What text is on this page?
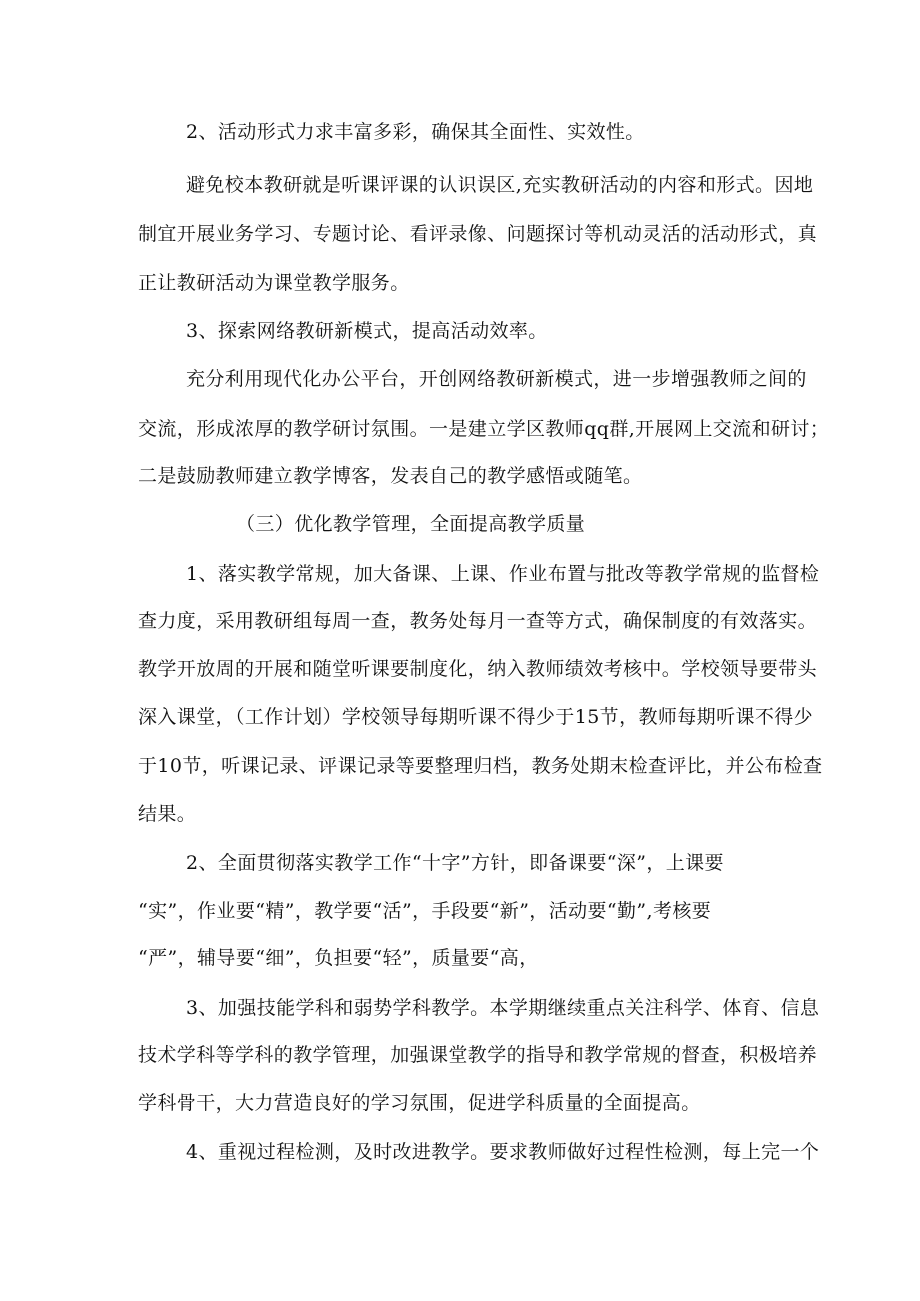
2、活动形式力求丰富多彩，确保其全面性、实效性。
避免校本教研就是听课评课的认识误区,充实教研活动的内容和形式。因地
制宜开展业务学习、专题讨论、看评录像、问题探讨等机动灵活的活动形式，真
正让教研活动为课堂教学服务。
3、探索网络教研新模式，提高活动效率。
充分利用现代化办公平台，开创网络教研新模式，进一步增强教师之间的
交流，形成浓厚的教学研讨氛围。一是建立学区教师qq群,开展网上交流和研讨；
二是鼓励教师建立教学博客，发表自己的教学感悟或随笔。
（三）优化教学管理，全面提高教学质量
1、落实教学常规，加大备课、上课、作业布置与批改等教学常规的监督检
查力度，采用教研组每周一查，教务处每月一查等方式，确保制度的有效落实。
教学开放周的开展和随堂听课要制度化，纳入教师绩效考核中。学校领导要带头
深入课堂，（工作计划）学校领导每期听课不得少于15节，教师每期听课不得少
于10节，听课记录、评课记录等要整理归档，教务处期末检查评比，并公布检查
结果。
2、全面贯彻落实教学工作“十字”方针，即备课要“深”，上课要
“实”，作业要“精”，教学要“活”，手段要“新”，活动要“勤”,考核要
“严”，辅导要“细”，负担要“轻”，质量要“高，
3、加强技能学科和弱势学科教学。本学期继续重点关注科学、体育、信息
技术学科等学科的教学管理，加强课堂教学的指导和教学常规的督查，积极培养
学科骨干，大力营造良好的学习氛围，促进学科质量的全面提高。
4、重视过程检测，及时改进教学。要求教师做好过程性检测，每上完一个
